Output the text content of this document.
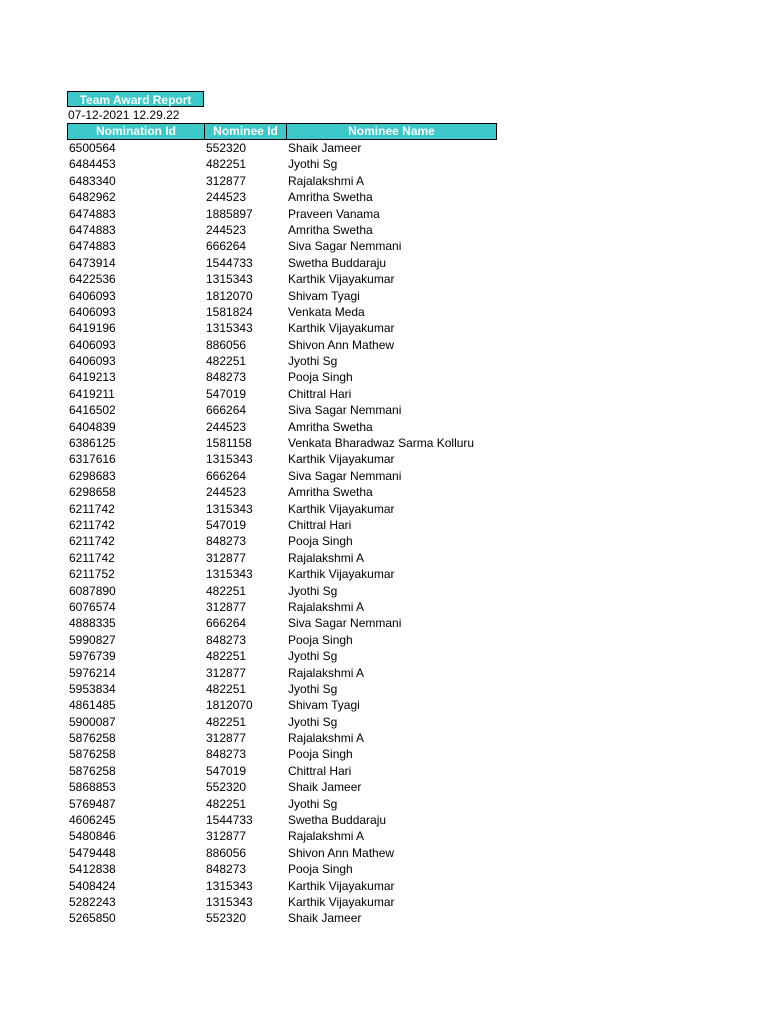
Team Award Report
07-12-2021 12.29.22
Nomination Id	Nominee Id	Nominee Name
6500564	552320	Shaik Jameer
6484453	482251	Jyothi Sg
6483340	312877	Rajalakshmi A
6482962	244523	Amritha Swetha
6474883	1885897	Praveen Vanama
6474883	244523	Amritha Swetha
6474883	666264	Siva Sagar Nemmani
6473914	1544733	Swetha Buddaraju
6422536	1315343	Karthik Vijayakumar
6406093	1812070	Shivam Tyagi
6406093	1581824	Venkata Meda
6419196	1315343	Karthik Vijayakumar
6406093	886056	Shivon Ann Mathew
6406093	482251	Jyothi Sg
6419213	848273	Pooja Singh
6419211	547019	Chittral Hari
6416502	666264	Siva Sagar Nemmani
6404839	244523	Amritha Swetha
6386125	1581158	Venkata Bharadwaz Sarma Kolluru
6317616	1315343	Karthik Vijayakumar
6298683	666264	Siva Sagar Nemmani
6298658	244523	Amritha Swetha
6211742	1315343	Karthik Vijayakumar
6211742	547019	Chittral Hari
6211742	848273	Pooja Singh
6211742	312877	Rajalakshmi A
6211752	1315343	Karthik Vijayakumar
6087890	482251	Jyothi Sg
6076574	312877	Rajalakshmi A
4888335	666264	Siva Sagar Nemmani
5990827	848273	Pooja Singh
5976739	482251	Jyothi Sg
5976214	312877	Rajalakshmi A
5953834	482251	Jyothi Sg
4861485	1812070	Shivam Tyagi
5900087	482251	Jyothi Sg
5876258	312877	Rajalakshmi A
5876258	848273	Pooja Singh
5876258	547019	Chittral Hari
5868853	552320	Shaik Jameer
5769487	482251	Jyothi Sg
4606245	1544733	Swetha Buddaraju
5480846	312877	Rajalakshmi A
5479448	886056	Shivon Ann Mathew
5412838	848273	Pooja Singh
5408424	1315343	Karthik Vijayakumar
5282243	1315343	Karthik Vijayakumar
5265850	552320	Shaik Jameer
